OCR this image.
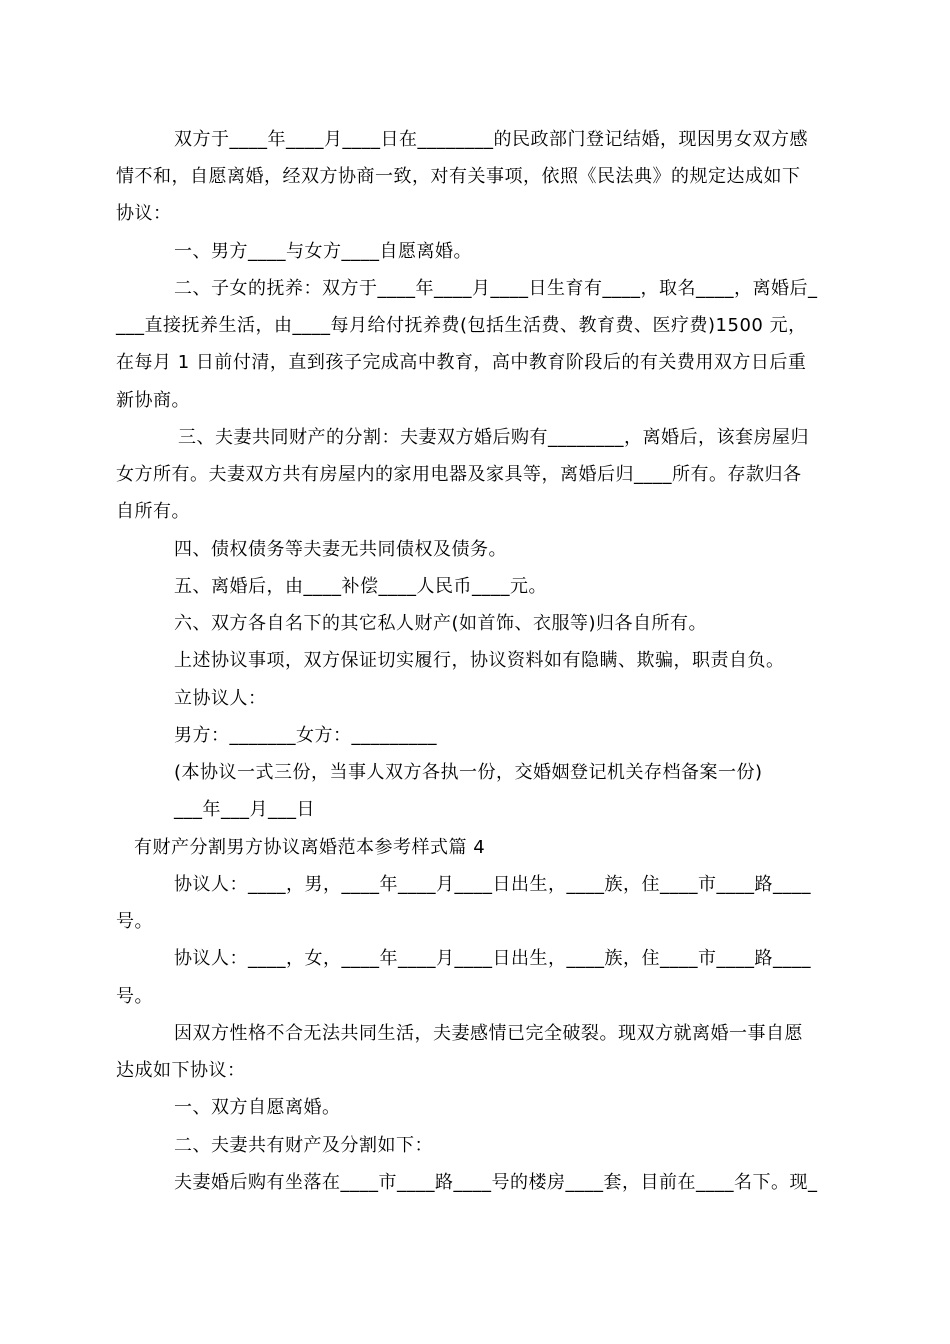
双方于____年____月____日在________的民政部门登记结婚，现因男女双方感
情不和，自愿离婚，经双方协商一致，对有关事项，依照《民法典》的规定达成如下
协议：
一、男方____与女方____自愿离婚。
二、子女的抚养：双方于____年____月____日生育有____，取名____，离婚后_
___直接抚养生活，由____每月给付抚养费(包括生活费、教育费、医疗费)1500 元，
在每月 1 日前付清，直到孩子完成高中教育，高中教育阶段后的有关费用双方日后重
新协商。
三、夫妻共同财产的分割：夫妻双方婚后购有________，离婚后，该套房屋归
女方所有。夫妻双方共有房屋内的家用电器及家具等，离婚后归____所有。存款归各
自所有。
四、债权债务等夫妻无共同债权及债务。
五、离婚后，由____补偿____人民币____元。
六、双方各自名下的其它私人财产(如首饰、衣服等)归各自所有。
上述协议事项，双方保证切实履行，协议资料如有隐瞒、欺骗，职责自负。
立协议人：
男方：_______女方：_________
(本协议一式三份，当事人双方各执一份，交婚姻登记机关存档备案一份)
___年___月___日
有财产分割男方协议离婚范本参考样式篇 4
协议人：____，男，____年____月____日出生，____族，住____市____路____
号。
协议人：____，女，____年____月____日出生，____族，住____市____路____
号。
因双方性格不合无法共同生活，夫妻感情已完全破裂。现双方就离婚一事自愿
达成如下协议：
一、双方自愿离婚。
二、夫妻共有财产及分割如下：
夫妻婚后购有坐落在____市____路____号的楼房____套，目前在____名下。现_
